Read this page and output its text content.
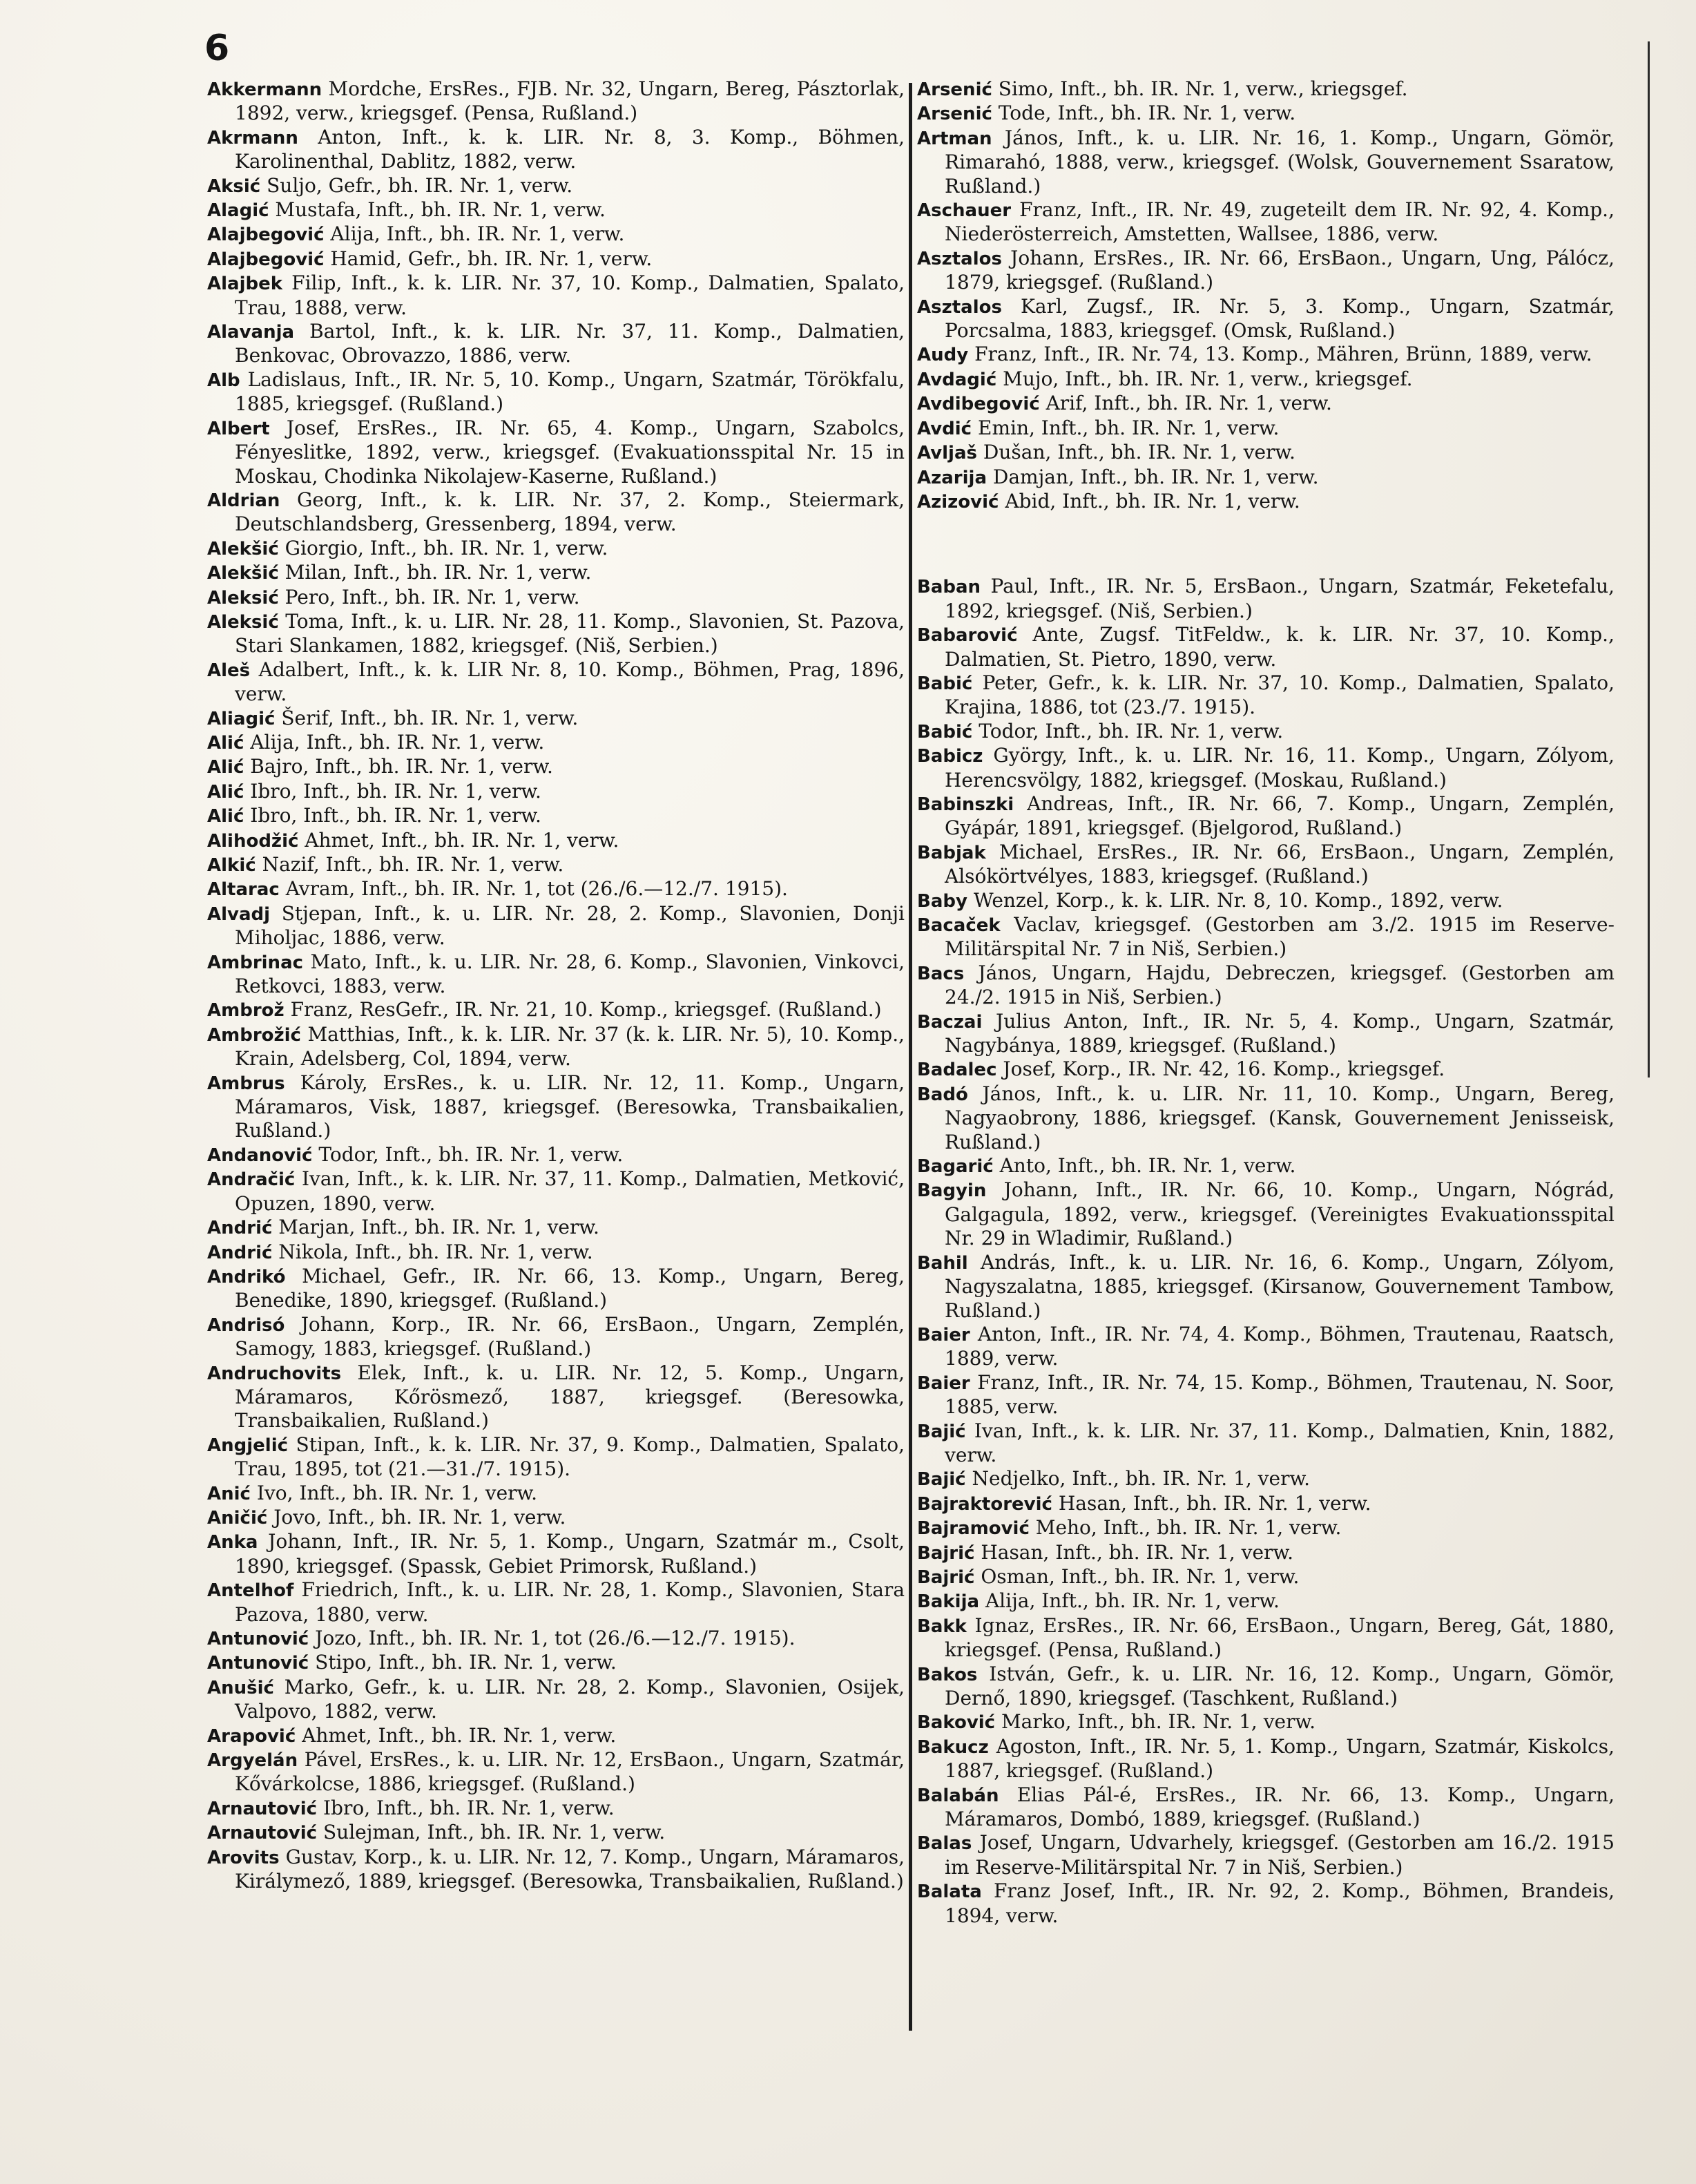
6

Akkermann Mordche, ErsRes., FJB. Nr. 32, Ungarn, Bereg, Pásztorlak, 1892, verw., kriegsgef. (Pensa, Rußland.)

Akrmann Anton, Inft., k. k. LIR. Nr. 8, 3. Komp., Böhmen, Karolinenthal, Dablitz, 1882, verw.

Aksić Suljo, Gefr., bh. IR. Nr. 1, verw.

Alagić Mustafa, Inft., bh. IR. Nr. 1, verw.

Alajbegović Alija, Inft., bh. IR. Nr. 1, verw.

Alajbegović Hamid, Gefr., bh. IR. Nr. 1, verw.

Alajbek Filip, Inft., k. k. LIR. Nr. 37, 10. Komp., Dalmatien, Spalato, Trau, 1888, verw.

Alavanja Bartol, Inft., k. k. LIR. Nr. 37, 11. Komp., Dalmatien, Benkovac, Obrovazzo, 1886, verw.

Alb Ladislaus, Inft., IR. Nr. 5, 10. Komp., Ungarn, Szatmár, Törökfalu, 1885, kriegsgef. (Rußland.)

Albert Josef, ErsRes., IR. Nr. 65, 4. Komp., Ungarn, Szabolcs, Fényeslitke, 1892, verw., kriegsgef. (Evakuationsspital Nr. 15 in Moskau, Chodinka Nikolajew-Kaserne, Rußland.)

Aldrian Georg, Inft., k. k. LIR. Nr. 37, 2. Komp., Steiermark, Deutschlandsberg, Gressenberg, 1894, verw.

Alekšić Giorgio, Inft., bh. IR. Nr. 1, verw.

Alekšić Milan, Inft., bh. IR. Nr. 1, verw.

Aleksić Pero, Inft., bh. IR. Nr. 1, verw.

Aleksić Toma, Inft., k. u. LIR. Nr. 28, 11. Komp., Slavonien, St. Pazova, Stari Slankamen, 1882, kriegsgef. (Niš, Serbien.)

Aleš Adalbert, Inft., k. k. LIR Nr. 8, 10. Komp., Böhmen, Prag, 1896, verw.

Aliagić Šerif, Inft., bh. IR. Nr. 1, verw.

Alić Alija, Inft., bh. IR. Nr. 1, verw.

Alić Bajro, Inft., bh. IR. Nr. 1, verw.

Alić Ibro, Inft., bh. IR. Nr. 1, verw.

Alić Ibro, Inft., bh. IR. Nr. 1, verw.

Alihodžić Ahmet, Inft., bh. IR. Nr. 1, verw.

Alkić Nazif, Inft., bh. IR. Nr. 1, verw.

Altarac Avram, Inft., bh. IR. Nr. 1, tot (26./6.—12./7. 1915).

Alvadj Stjepan, Inft., k. u. LIR. Nr. 28, 2. Komp., Slavonien, Donji Miholjac, 1886, verw.

Ambrinac Mato, Inft., k. u. LIR. Nr. 28, 6. Komp., Slavonien, Vinkovci, Retkovci, 1883, verw.

Ambrož Franz, ResGefr., IR. Nr. 21, 10. Komp., kriegsgef. (Rußland.)

Ambrožić Matthias, Inft., k. k. LIR. Nr. 37 (k. k. LIR. Nr. 5), 10. Komp., Krain, Adelsberg, Col, 1894, verw.

Ambrus Károly, ErsRes., k. u. LIR. Nr. 12, 11. Komp., Ungarn, Máramaros, Visk, 1887, kriegsgef. (Beresowka, Transbaikalien, Rußland.)

Andanović Todor, Inft., bh. IR. Nr. 1, verw.

Andračić Ivan, Inft., k. k. LIR. Nr. 37, 11. Komp., Dalmatien, Metković, Opuzen, 1890, verw.

Andrić Marjan, Inft., bh. IR. Nr. 1, verw.

Andrić Nikola, Inft., bh. IR. Nr. 1, verw.

Andrikó Michael, Gefr., IR. Nr. 66, 13. Komp., Ungarn, Bereg, Benedike, 1890, kriegsgef. (Rußland.)

Andrisó Johann, Korp., IR. Nr. 66, ErsBaon., Ungarn, Zemplén, Samogy, 1883, kriegsgef. (Rußland.)

Andruchovits Elek, Inft., k. u. LIR. Nr. 12, 5. Komp., Ungarn, Máramaros, Kőrösmező, 1887, kriegsgef. (Beresowka, Transbaikalien, Rußland.)

Angjelić Stipan, Inft., k. k. LIR. Nr. 37, 9. Komp., Dalmatien, Spalato, Trau, 1895, tot (21.—31./7. 1915).

Anić Ivo, Inft., bh. IR. Nr. 1, verw.

Aničić Jovo, Inft., bh. IR. Nr. 1, verw.

Anka Johann, Inft., IR. Nr. 5, 1. Komp., Ungarn, Szatmár m., Csolt, 1890, kriegsgef. (Spassk, Gebiet Primorsk, Rußland.)

Antelhof Friedrich, Inft., k. u. LIR. Nr. 28, 1. Komp., Slavonien, Stara Pazova, 1880, verw.

Antunović Jozo, Inft., bh. IR. Nr. 1, tot (26./6.—12./7. 1915).

Antunović Stipo, Inft., bh. IR. Nr. 1, verw.

Anušić Marko, Gefr., k. u. LIR. Nr. 28, 2. Komp., Slavonien, Osijek, Valpovo, 1882, verw.

Arapović Ahmet, Inft., bh. IR. Nr. 1, verw.

Argyelán Pável, ErsRes., k. u. LIR. Nr. 12, ErsBaon., Ungarn, Szatmár, Kővárkolcse, 1886, kriegsgef. (Rußland.)

Arnautović Ibro, Inft., bh. IR. Nr. 1, verw.

Arnautović Sulejman, Inft., bh. IR. Nr. 1, verw.

Arovits Gustav, Korp., k. u. LIR. Nr. 12, 7. Komp., Ungarn, Máramaros, Királymező, 1889, kriegsgef. (Beresowka, Transbaikalien, Rußland.)

Arsenić Simo, Inft., bh. IR. Nr. 1, verw., kriegsgef.

Arsenić Tode, Inft., bh. IR. Nr. 1, verw.

Artman János, Inft., k. u. LIR. Nr. 16, 1. Komp., Ungarn, Gömör, Rimarahó, 1888, verw., kriegsgef. (Wolsk, Gouvernement Ssaratow, Rußland.)

Aschauer Franz, Inft., IR. Nr. 49, zugeteilt dem IR. Nr. 92, 4. Komp., Niederösterreich, Amstetten, Wallsee, 1886, verw.

Asztalos Johann, ErsRes., IR. Nr. 66, ErsBaon., Ungarn, Ung, Pálócz, 1879, kriegsgef. (Rußland.)

Asztalos Karl, Zugsf., IR. Nr. 5, 3. Komp., Ungarn, Szatmár, Porcsalma, 1883, kriegsgef. (Omsk, Rußland.)

Audy Franz, Inft., IR. Nr. 74, 13. Komp., Mähren, Brünn, 1889, verw.

Avdagić Mujo, Inft., bh. IR. Nr. 1, verw., kriegsgef.

Avdibegović Arif, Inft., bh. IR. Nr. 1, verw.

Avdić Emin, Inft., bh. IR. Nr. 1, verw.

Avljaš Dušan, Inft., bh. IR. Nr. 1, verw.

Azarija Damjan, Inft., bh. IR. Nr. 1, verw.

Azizović Abid, Inft., bh. IR. Nr. 1, verw.

Baban Paul, Inft., IR. Nr. 5, ErsBaon., Ungarn, Szatmár, Feketefalu, 1892, kriegsgef. (Niš, Serbien.)

Babarović Ante, Zugsf. TitFeldw., k. k. LIR. Nr. 37, 10. Komp., Dalmatien, St. Pietro, 1890, verw.

Babić Peter, Gefr., k. k. LIR. Nr. 37, 10. Komp., Dalmatien, Spalato, Krajina, 1886, tot (23./7. 1915).

Babić Todor, Inft., bh. IR. Nr. 1, verw.

Babicz György, Inft., k. u. LIR. Nr. 16, 11. Komp., Ungarn, Zólyom, Herencsvölgy, 1882, kriegsgef. (Moskau, Rußland.)

Babinszki Andreas, Inft., IR. Nr. 66, 7. Komp., Ungarn, Zemplén, Gyápár, 1891, kriegsgef. (Bjelgorod, Rußland.)

Babjak Michael, ErsRes., IR. Nr. 66, ErsBaon., Ungarn, Zemplén, Alsókörtvélyes, 1883, kriegsgef. (Rußland.)

Baby Wenzel, Korp., k. k. LIR. Nr. 8, 10. Komp., 1892, verw.

Bacaček Vaclav, kriegsgef. (Gestorben am 3./2. 1915 im Reserve-Militärspital Nr. 7 in Niš, Serbien.)

Bacs János, Ungarn, Hajdu, Debreczen, kriegsgef. (Gestorben am 24./2. 1915 in Niš, Serbien.)

Baczai Julius Anton, Inft., IR. Nr. 5, 4. Komp., Ungarn, Szatmár, Nagybánya, 1889, kriegsgef. (Rußland.)

Badalec Josef, Korp., IR. Nr. 42, 16. Komp., kriegsgef.

Badó János, Inft., k. u. LIR. Nr. 11, 10. Komp., Ungarn, Bereg, Nagyaobrony, 1886, kriegsgef. (Kansk, Gouvernement Jenisseisk, Rußland.)

Bagarić Anto, Inft., bh. IR. Nr. 1, verw.

Bagyin Johann, Inft., IR. Nr. 66, 10. Komp., Ungarn, Nógrád, Galgagula, 1892, verw., kriegsgef. (Vereinigtes Evakuationsspital Nr. 29 in Wladimir, Rußland.)

Bahil András, Inft., k. u. LIR. Nr. 16, 6. Komp., Ungarn, Zólyom, Nagyszalatna, 1885, kriegsgef. (Kirsanow, Gouvernement Tambow, Rußland.)

Baier Anton, Inft., IR. Nr. 74, 4. Komp., Böhmen, Trautenau, Raatsch, 1889, verw.

Baier Franz, Inft., IR. Nr. 74, 15. Komp., Böhmen, Trautenau, N. Soor, 1885, verw.

Bajić Ivan, Inft., k. k. LIR. Nr. 37, 11. Komp., Dalmatien, Knin, 1882, verw.

Bajić Nedjelko, Inft., bh. IR. Nr. 1, verw.

Bajraktorević Hasan, Inft., bh. IR. Nr. 1, verw.

Bajramović Meho, Inft., bh. IR. Nr. 1, verw.

Bajrić Hasan, Inft., bh. IR. Nr. 1, verw.

Bajrić Osman, Inft., bh. IR. Nr. 1, verw.

Bakija Alija, Inft., bh. IR. Nr. 1, verw.

Bakk Ignaz, ErsRes., IR. Nr. 66, ErsBaon., Ungarn, Bereg, Gát, 1880, kriegsgef. (Pensa, Rußland.)

Bakos István, Gefr., k. u. LIR. Nr. 16, 12. Komp., Ungarn, Gömör, Dernő, 1890, kriegsgef. (Taschkent, Rußland.)

Baković Marko, Inft., bh. IR. Nr. 1, verw.

Bakucz Agoston, Inft., IR. Nr. 5, 1. Komp., Ungarn, Szatmár, Kiskolcs, 1887, kriegsgef. (Rußland.)

Balabán Elias Pál-é, ErsRes., IR. Nr. 66, 13. Komp., Ungarn, Máramaros, Dombó, 1889, kriegsgef. (Rußland.)

Balas Josef, Ungarn, Udvarhely, kriegsgef. (Gestorben am 16./2. 1915 im Reserve-Militärspital Nr. 7 in Niš, Serbien.)

Balata Franz Josef, Inft., IR. Nr. 92, 2. Komp., Böhmen, Brandeis, 1894, verw.
